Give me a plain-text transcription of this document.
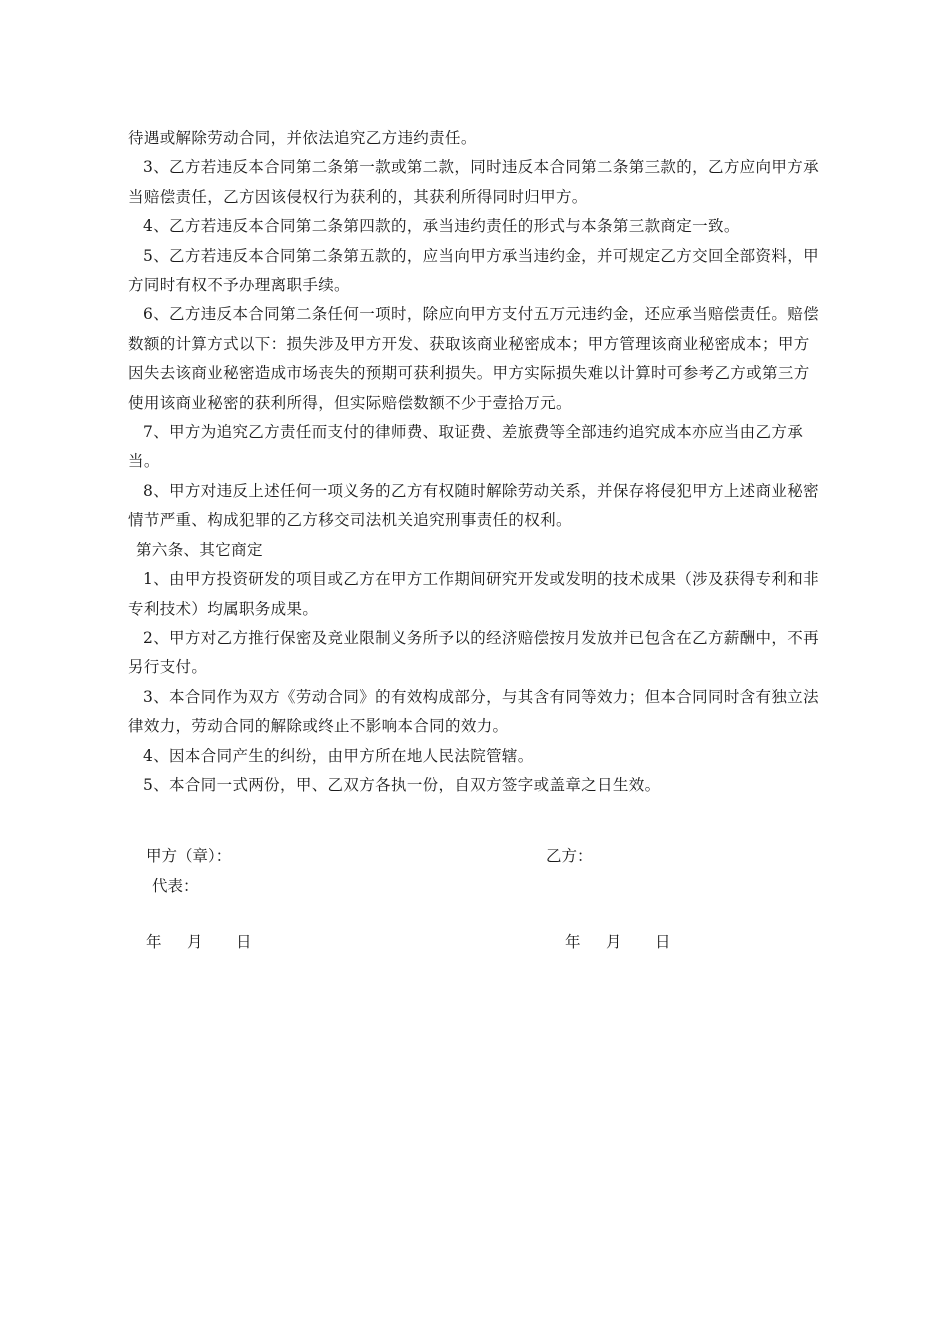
待遇或解除劳动合同，并依法追究乙方违约责任。

3、乙方若违反本合同第二条第一款或第二款，同时违反本合同第二条第三款的，乙方应向甲方承当赔偿责任，乙方因该侵权行为获利的，其获利所得同时归甲方。

4、乙方若违反本合同第二条第四款的，承当违约责任的形式与本条第三款商定一致。

5、乙方若违反本合同第二条第五款的，应当向甲方承当违约金，并可规定乙方交回全部资料，甲方同时有权不予办理离职手续。

6、乙方违反本合同第二条任何一项时，除应向甲方支付五万元违约金，还应承当赔偿责任。赔偿数额的计算方式以下：损失涉及甲方开发、获取该商业秘密成本；甲方管理该商业秘密成本；甲方因失去该商业秘密造成市场丧失的预期可获利损失。甲方实际损失难以计算时可参考乙方或第三方使用该商业秘密的获利所得，但实际赔偿数额不少于壹拾万元。

7、甲方为追究乙方责任而支付的律师费、取证费、差旅费等全部违约追究成本亦应当由乙方承当。

8、甲方对违反上述任何一项义务的乙方有权随时解除劳动关系，并保存将侵犯甲方上述商业秘密情节严重、构成犯罪的乙方移交司法机关追究刑事责任的权利。

第六条、其它商定

1、由甲方投资研发的项目或乙方在甲方工作期间研究开发或发明的技术成果（涉及获得专利和非专利技术）均属职务成果。

2、甲方对乙方推行保密及竞业限制义务所予以的经济赔偿按月发放并已包含在乙方薪酬中，不再另行支付。

3、本合同作为双方《劳动合同》的有效构成部分，与其含有同等效力；但本合同同时含有独立法律效力，劳动合同的解除或终止不影响本合同的效力。

4、因本合同产生的纠纷，由甲方所在地人民法院管辖。

5、本合同一式两份，甲、乙双方各执一份，自双方签字或盖章之日生效。

甲方（章）：	乙方：
代表：
年 月 日	年 月 日
